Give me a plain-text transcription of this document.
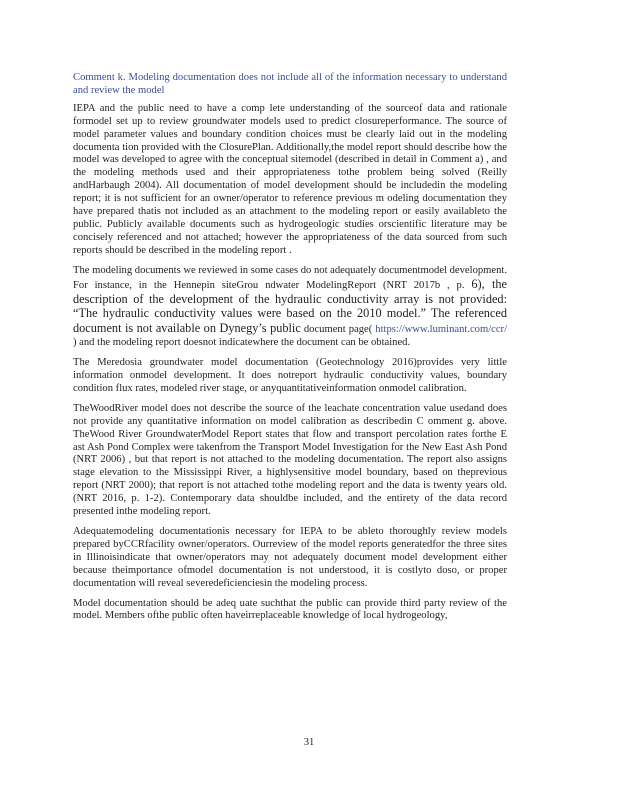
Comment k. Modeling documentation does not include all of the information necessary to understand and review the model

IEPA and the public need to have a comp lete understanding of the sourceof data and rationale formodel set up to review groundwater models used to predict closureperformance. The source of model parameter values and boundary condition choices must be clearly laid out in the modeling documenta tion provided with the ClosurePlan. Additionally,the model report should describe how the model was developed to agree with the conceptual sitemodel (described in detail in Comment a) , and the modeling methods used and their appropriateness tothe problem being solved (Reilly andHarbaugh 2004). All documentation of model development should be includedin the modeling report; it is not sufficient for an owner/operator to reference previous m odeling documentation they have prepared thatis not included as an attachment to the modeling report or easily availableto the public. Publicly available documents such as hydrogeologic studies orscientific literature may be concisely referenced and not attached; however the appropriateness of the data sourced from such reports should be described in the modeling report .

The modeling documents we reviewed in some cases do not adequately documentmodel development. For instance, in the Hennepin siteGrou ndwater ModelingReport (NRT 2017b , p. 6), the description of the development of the hydraulic conductivity array is not provided: “The hydraulic conductivity values were based on the 2010 model.” The referenced document is not available on Dynegy’s public document page( https://www.luminant.com/ccr/ ) and the modeling report doesnot indicatewhere the document can be obtained.

The Meredosia groundwater model documentation (Geotechnology 2016)provides very little information onmodel development. It does notreport hydraulic conductivity values, boundary condition flux rates, modeled river stage, or anyquantitativeinformation onmodel calibration.

TheWoodRiver model does not describe the source of the leachate concentration value usedand does not provide any quantitative information on model calibration as describedin C omment g. above. TheWood River GroundwaterModel Report states that flow and transport percolation rates forthe E ast Ash Pond Complex were takenfrom the Transport Model Investigation for the New East Ash Pond (NRT 2006) , but that report is not attached to the modeling documentation. The report also assigns stage elevation to the Mississippi River, a highlysensitive model boundary, based on theprevious report (NRT 2000); that report is not attached tothe modeling report and the data is twenty years old. (NRT 2016, p. 1-2). Contemporary data shouldbe included, and the entirety of the data record presented inthe modeling report.

Adequatemodeling documentationis necessary for IEPA to be ableto thoroughly review models prepared byCCRfacility owner/operators. Ourreview of the model reports generatedfor the three sites in Illinoisindicate that owner/operators may not adequately document model development either because theimportance ofmodel documentation is not understood, it is costlyto doso, or proper documentation will reveal severedeficienciesin the modeling process.

Model documentation should be adeq uate suchthat the public can provide third party review of the model. Members ofthe public often haveirreplaceable knowledge of local hydrogeology,

31
